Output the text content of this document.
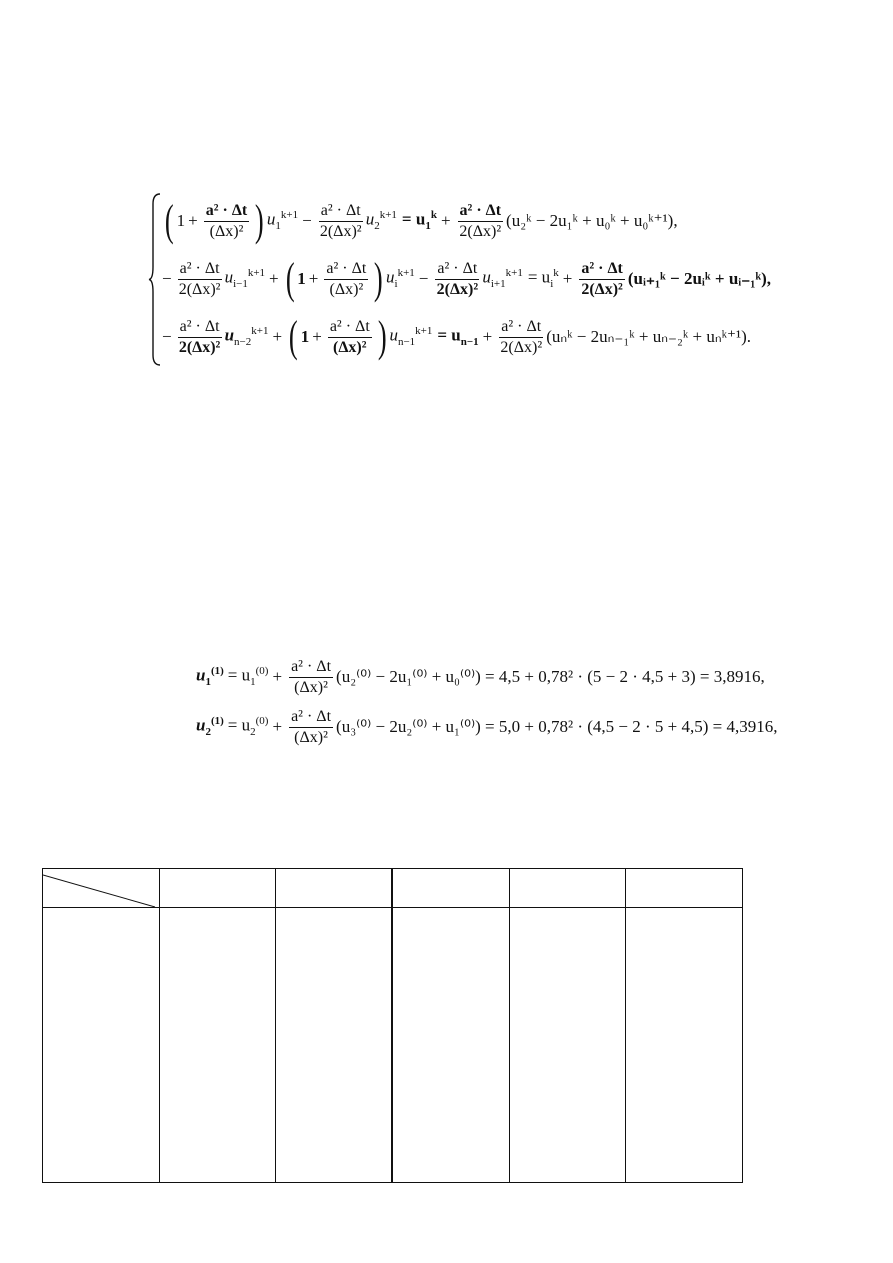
( $1 + \frac{\text{a² · Δt}}{\text{(Δx)²}}$ ) $u_1^{k+1} - \frac{\text{a² · Δt}}{\text{2(Δx)²}} u_2^{k+1} = u_1^k + \frac{\text{a² · Δt}}{\text{2(Δx)²}}$ (u₂ᵏ − 2u₁ᵏ + u₀ᵏ + u₀ᵏ⁺¹),
− $\frac{\text{a² · Δt}}{\text{2(Δx)²}} u_{i-1}^{k+1}$ + ( $1 + \frac{\text{a² · Δt}}{\text{(Δx)²}}$ ) $u_i^{k+1} - \frac{\text{a² · Δt}}{\text{2(Δx)²}} u_{i+1}^{k+1} = u_i^k + \frac{\text{a² · Δt}}{\text{2(Δx)²}}$ (uᵢ₊₁ᵏ − 2uᵢᵏ + uᵢ₋₁ᵏ),
− $\frac{\text{a² · Δt}}{\text{2(Δx)²}} u_{n-2}^{k+1}$ + ( $1 + \frac{\text{a² · Δt}}{\text{(Δx)²}}$ ) $u_{n-1}^{k+1} = u_{n-1} + \frac{\text{a² · Δt}}{\text{2(Δx)²}}$ (uₙᵏ − 2uₙ₋₁ᵏ + uₙ₋₂ᵏ + uₙᵏ⁺¹).
$u_1^{(1)} = u_1^{(0)} + \frac{\text{a² · Δt}}{\text{(Δx)²}} (u_2^{(0)} - 2u_1^{(0)} + u_0^{(0)}) = 4,5 + 0,78^2 \cdot (5 - 2 \cdot 4,5 + 3) = 3,8916$,
$u_2^{(1)} = u_2^{(0)} + \frac{\text{a² · Δt}}{\text{(Δx)²}} (u_3^{(0)} - 2u_2^{(0)} + u_1^{(0)}) = 5,0 + 0,78^2 \cdot (4,5 - 2 \cdot 5 + 4,5) = 4,3916$,
